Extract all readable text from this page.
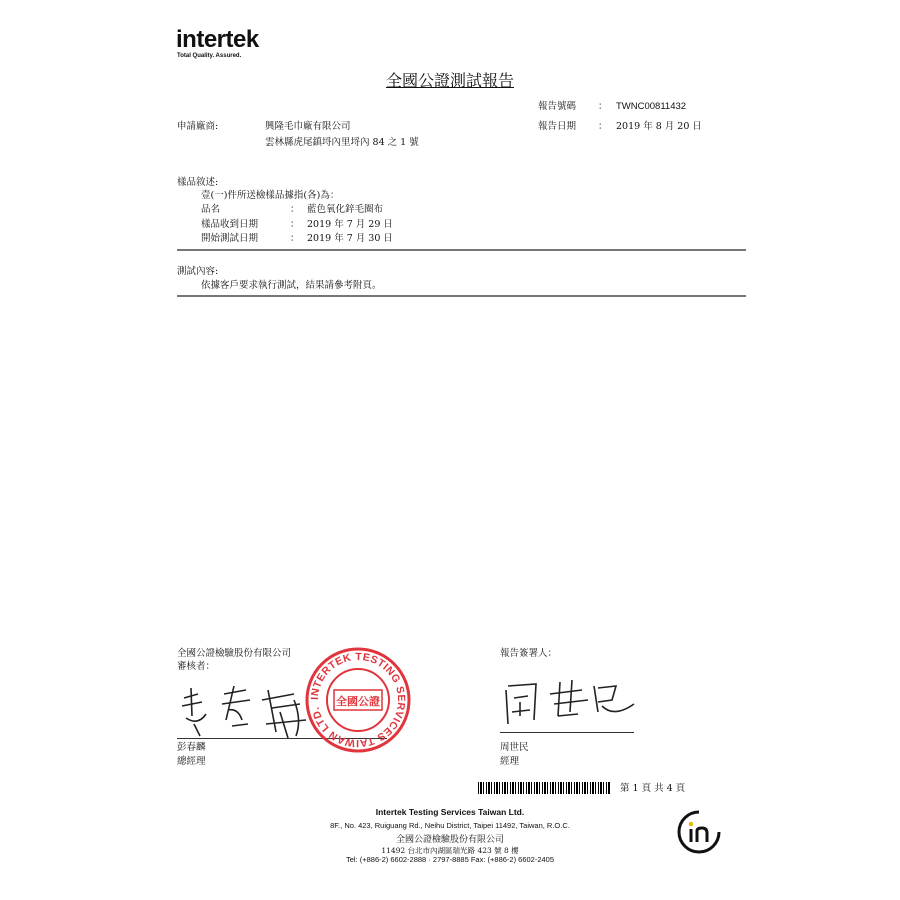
intertek
Total Quality. Assured.
全國公證測試報告
報告號碼 ： TWNC00811432
報告日期 ： 2019 年 8 月 20 日
申請廠商:	興隆毛巾廠有限公司
雲林縣虎尾鎮埒內里埒內 84 之 1 號
樣品敘述:
壹(一)件所送檢樣品據指(各)為：
品名	： 藍色氧化鋅毛圈布
樣品收到日期	： 2019 年 7 月 29 日
開始測試日期	： 2019 年 7 月 30 日
測試內容:
依據客戶要求執行測試，結果請參考附頁。
全國公證檢驗股份有限公司
審核者：
彭春麟
總經理
INTERTEK TESTING SERVICES TAIWAN LTD.
全國公證
報告簽署人：
周世民
經理
第 1 頁 共 4 頁
Intertek Testing Services Taiwan Ltd.
8F., No. 423, Ruiguang Rd., Neihu District, Taipei 11492, Taiwan, R.O.C.
全國公證檢驗股份有限公司
11492 台北市內湖區瑞光路 423 號 8 樓
Tel: (+886-2) 6602-2888 · 2797-8885 Fax: (+886-2) 6602-2405
